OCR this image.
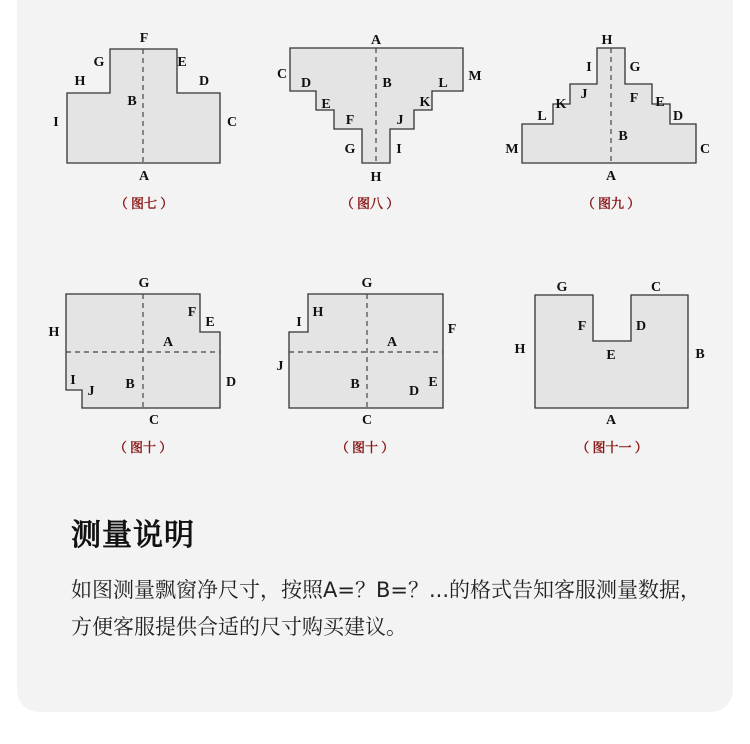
F
G	E
H	D
B
I	C
A
（ 图七 ）
A
C
D	B	L M
E	K
F	J
G	I
H
（ 图八 ）
H
I	G
J	F
K	E
L	D
B
M	C
A
（ 图九 ）
G
F
E
H
A
I	B	D
J
C
（ 图十 ）
G
H
I	F
A
J
B	E
D
C
（ 图十 ）
G	C
F	D
H	E	B
A
（ 图十一 ）
测量说明
如图测量飘窗净尺寸，按照A=？B=？...的格式告知客服测量数据，方便客服提供合适的尺寸购买建议。
